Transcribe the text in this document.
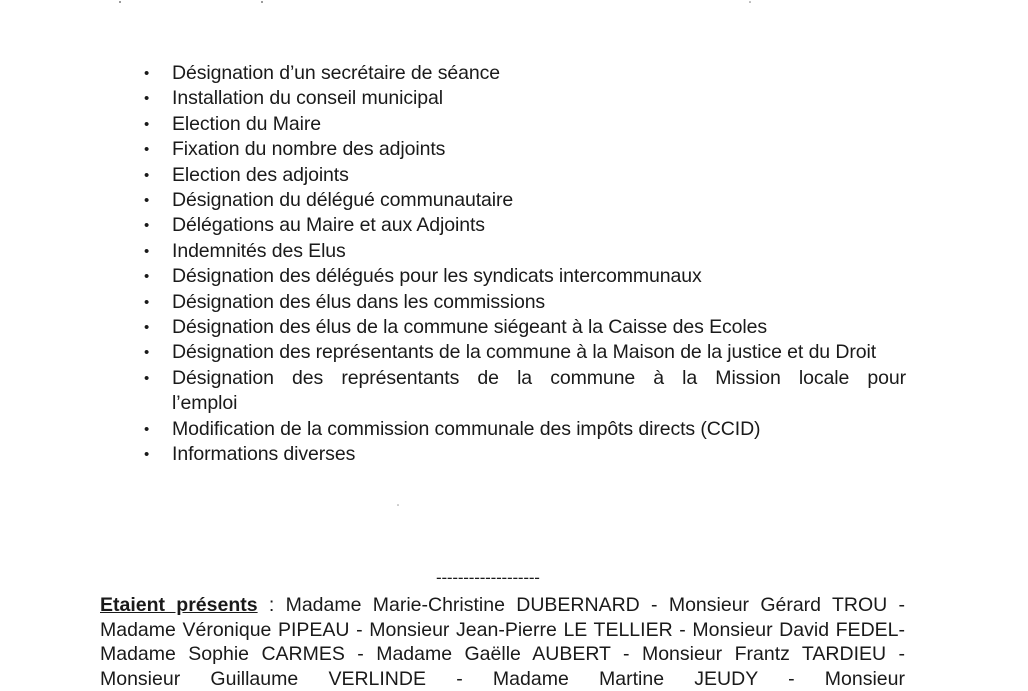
• Désignation d’un secrétaire de séance
• Installation du conseil municipal
• Election du Maire
• Fixation du nombre des adjoints
• Election des adjoints
• Désignation du délégué communautaire
• Délégations au Maire et aux Adjoints
• Indemnités des Elus
• Désignation des délégués pour les syndicats intercommunaux
• Désignation des élus dans les commissions
• Désignation des élus de la commune siégeant à la Caisse des Ecoles
• Désignation des représentants de la commune à la Maison de la justice et du Droit
• Désignation des représentants de la commune à la Mission locale pour l’emploi
• Modification de la commission communale des impôts directs (CCID)
• Informations diverses
-------------------

Etaient présents : Madame Marie-Christine DUBERNARD - Monsieur Gérard TROU - Madame Véronique PIPEAU - Monsieur Jean-Pierre LE TELLIER - Monsieur David FEDEL- Madame Sophie CARMES - Madame Gaëlle AUBERT - Monsieur Frantz TARDIEU - Monsieur Guillaume VERLINDE - Madame Martine JEUDY - Monsieur
